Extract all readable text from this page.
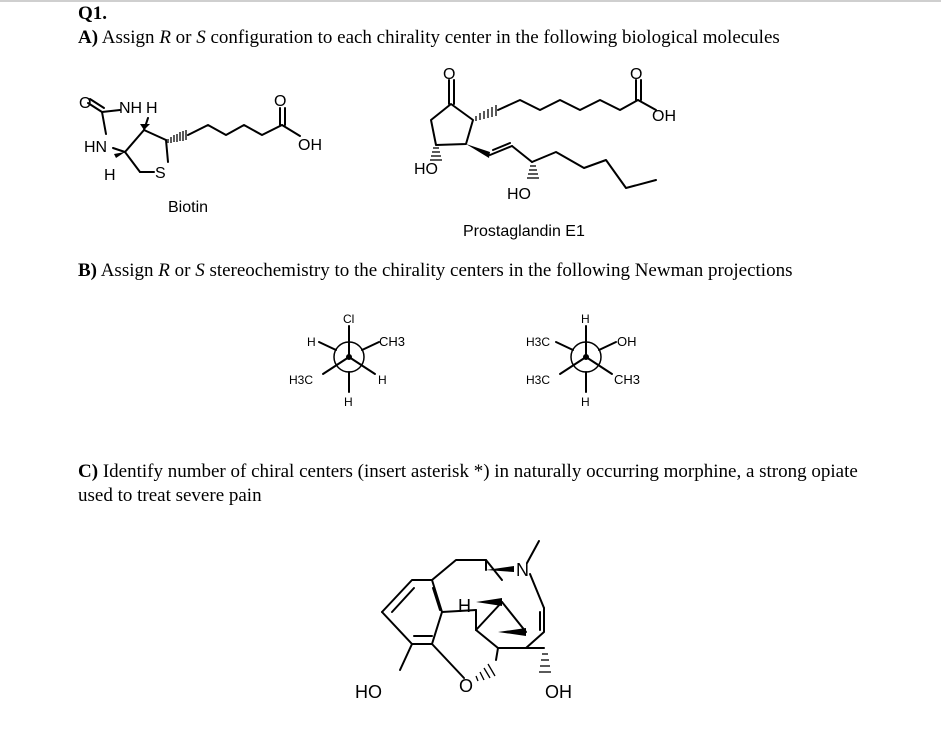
Q1.
A) Assign R or S configuration to each chirality center in the following biological molecules
B) Assign R or S stereochemistry to the chirality centers in the following Newman projections
C) Identify number of chiral centers (insert asterisk *) in naturally occurring morphine, a strong opiate used to treat severe pain
O NH H
HN
H S
O
OH
Biotin
O	O
OH
HO
HO
Prostaglandin E1
Cl
H	CH3
H3C	H
H
H
H3C	OH
H3C	CH3
H
N
H
O
HO	OH
